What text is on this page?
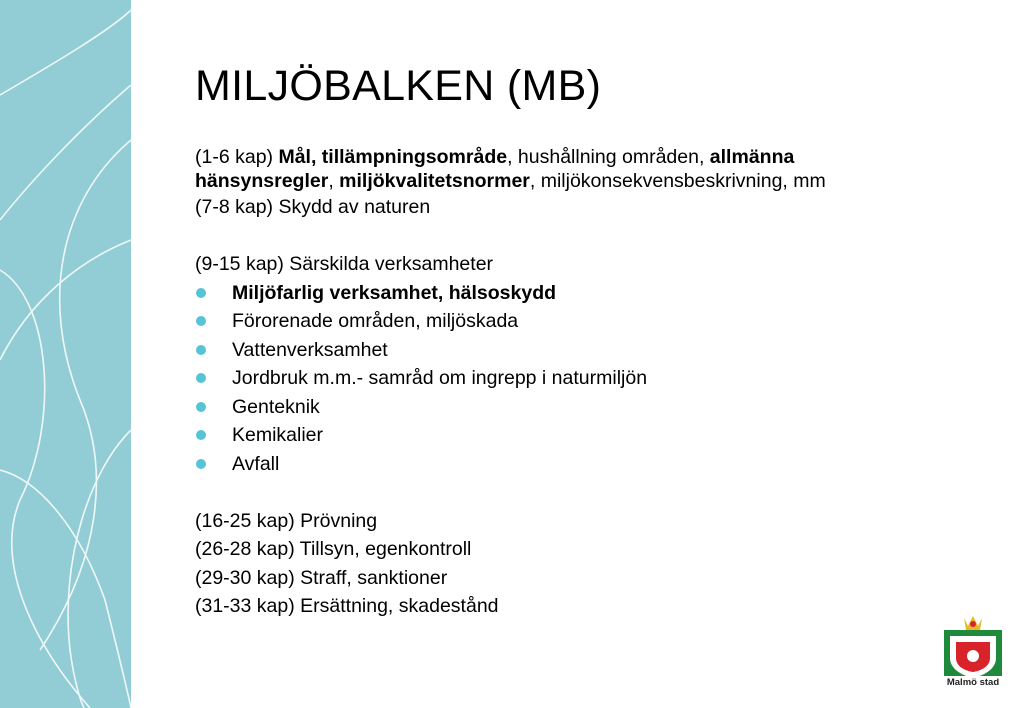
MILJÖBALKEN (MB)

(1-6 kap) Mål, tillämpningsområde, hushållning områden, allmänna hänsynsregler, miljökvalitetsnormer, miljökonsekvensbeskrivning, mm

(7-8 kap) Skydd av naturen

(9-15 kap) Särskilda verksamheter

Miljöfarlig verksamhet, hälsoskydd
Förorenade områden, miljöskada
Vattenverksamhet
Jordbruk m.m.- samråd om ingrepp i naturmiljön
Genteknik
Kemikalier
Avfall

(16-25 kap) Prövning

(26-28 kap) Tillsyn, egenkontroll

(29-30 kap) Straff, sanktioner

(31-33 kap) Ersättning, skadestånd

Malmö stad
